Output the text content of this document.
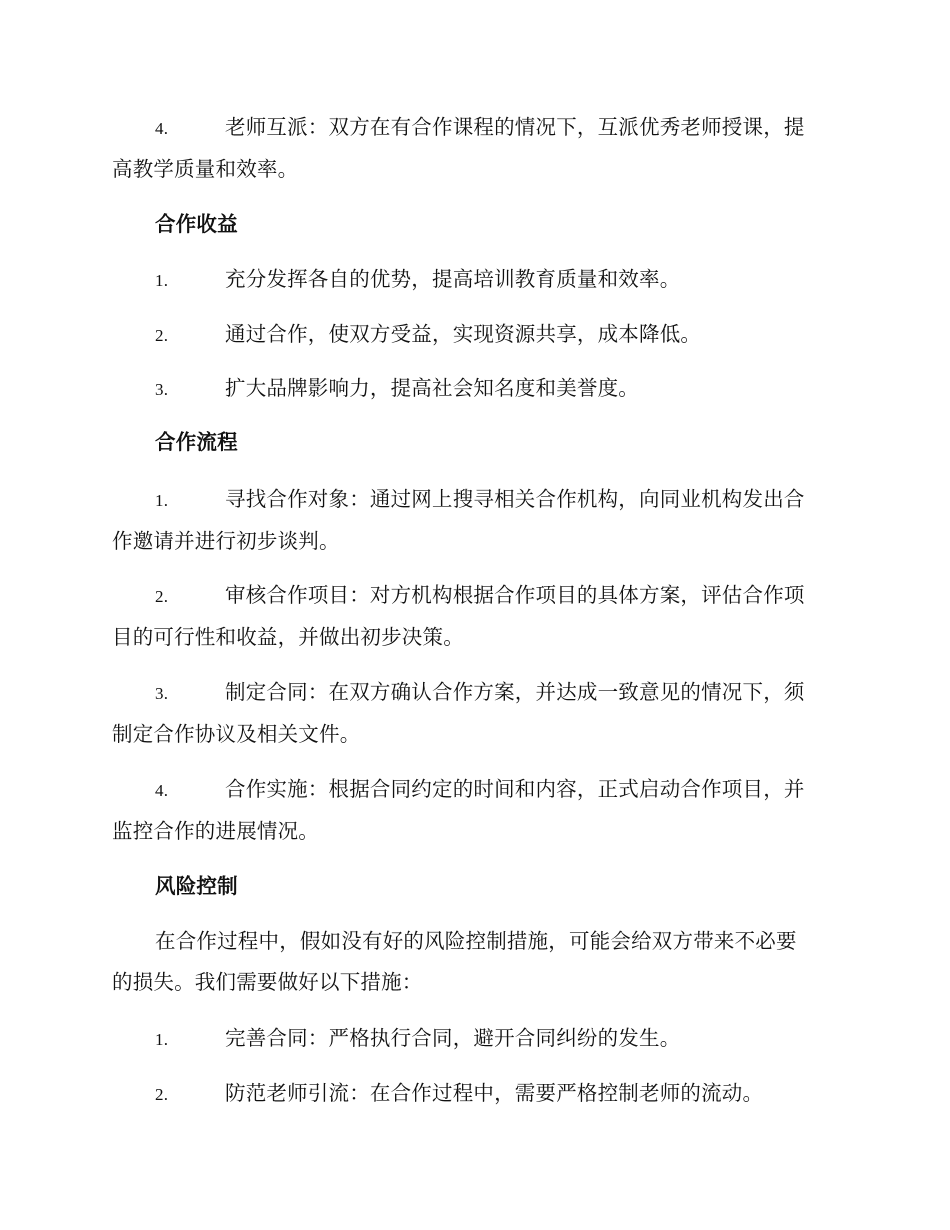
4.	老师互派：双方在有合作课程的情况下，互派优秀老师授课，提
高教学质量和效率。
合作收益
1.	充分发挥各自的优势，提高培训教育质量和效率。
2.	通过合作，使双方受益，实现资源共享，成本降低。
3.	扩大品牌影响力，提高社会知名度和美誉度。
合作流程
1.	寻找合作对象：通过网上搜寻相关合作机构，向同业机构发出合
作邀请并进行初步谈判。
2.	审核合作项目：对方机构根据合作项目的具体方案，评估合作项
目的可行性和收益，并做出初步决策。
3.	制定合同：在双方确认合作方案，并达成一致意见的情况下，须
制定合作协议及相关文件。
4.	合作实施：根据合同约定的时间和内容，正式启动合作项目，并
监控合作的进展情况。
风险控制
在合作过程中，假如没有好的风险控制措施，可能会给双方带来不必要
的损失。我们需要做好以下措施：
1.	完善合同：严格执行合同，避开合同纠纷的发生。
2.	防范老师引流：在合作过程中，需要严格控制老师的流动。
